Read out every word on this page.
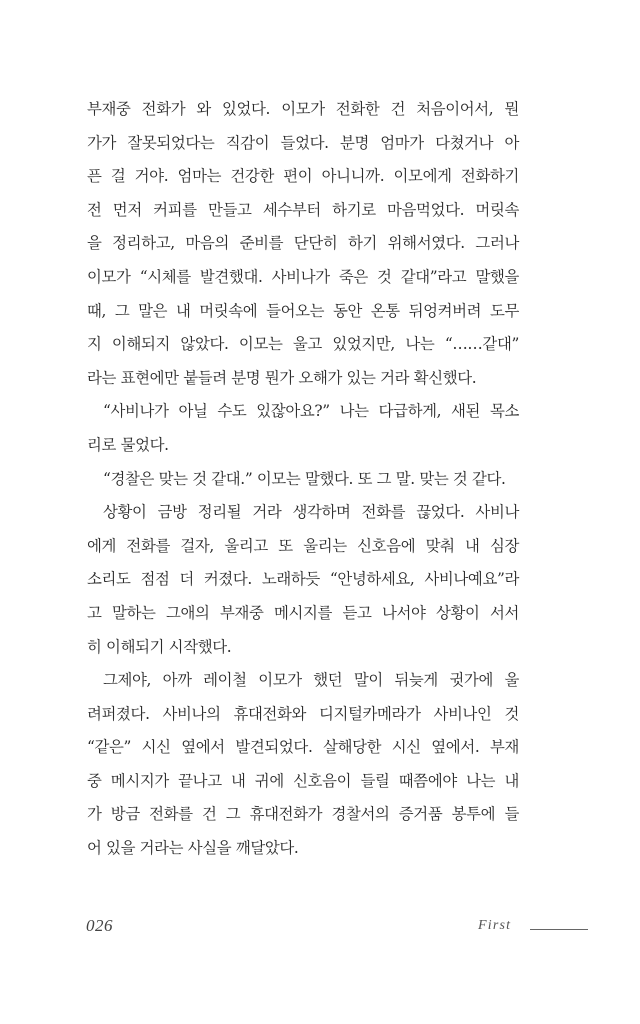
부재중 전화가 와 있었다. 이모가 전화한 건 처음이어서, 뭔
가가 잘못되었다는 직감이 들었다. 분명 엄마가 다쳤거나 아
픈 걸 거야. 엄마는 건강한 편이 아니니까. 이모에게 전화하기
전 먼저 커피를 만들고 세수부터 하기로 마음먹었다. 머릿속
을 정리하고, 마음의 준비를 단단히 하기 위해서였다. 그러나
이모가 “시체를 발견했대. 사비나가 죽은 것 같대”라고 말했을
때, 그 말은 내 머릿속에 들어오는 동안 온통 뒤엉켜버려 도무
지 이해되지 않았다. 이모는 울고 있었지만, 나는 “……같대”
라는 표현에만 붙들려 분명 뭔가 오해가 있는 거라 확신했다.
“사비나가 아닐 수도 있잖아요?” 나는 다급하게, 새된 목소
리로 물었다.
“경찰은 맞는 것 같대.” 이모는 말했다. 또 그 말. 맞는 것 같다.
상황이 금방 정리될 거라 생각하며 전화를 끊었다. 사비나
에게 전화를 걸자, 울리고 또 울리는 신호음에 맞춰 내 심장
소리도 점점 더 커졌다. 노래하듯 “안녕하세요, 사비나예요”라
고 말하는 그애의 부재중 메시지를 듣고 나서야 상황이 서서
히 이해되기 시작했다.
그제야, 아까 레이철 이모가 했던 말이 뒤늦게 귓가에 울
려퍼졌다. 사비나의 휴대전화와 디지털카메라가 사비나인 것
“같은” 시신 옆에서 발견되었다. 살해당한 시신 옆에서. 부재
중 메시지가 끝나고 내 귀에 신호음이 들릴 때쯤에야 나는 내
가 방금 전화를 건 그 휴대전화가 경찰서의 증거품 봉투에 들
어 있을 거라는 사실을 깨달았다.
026	First
